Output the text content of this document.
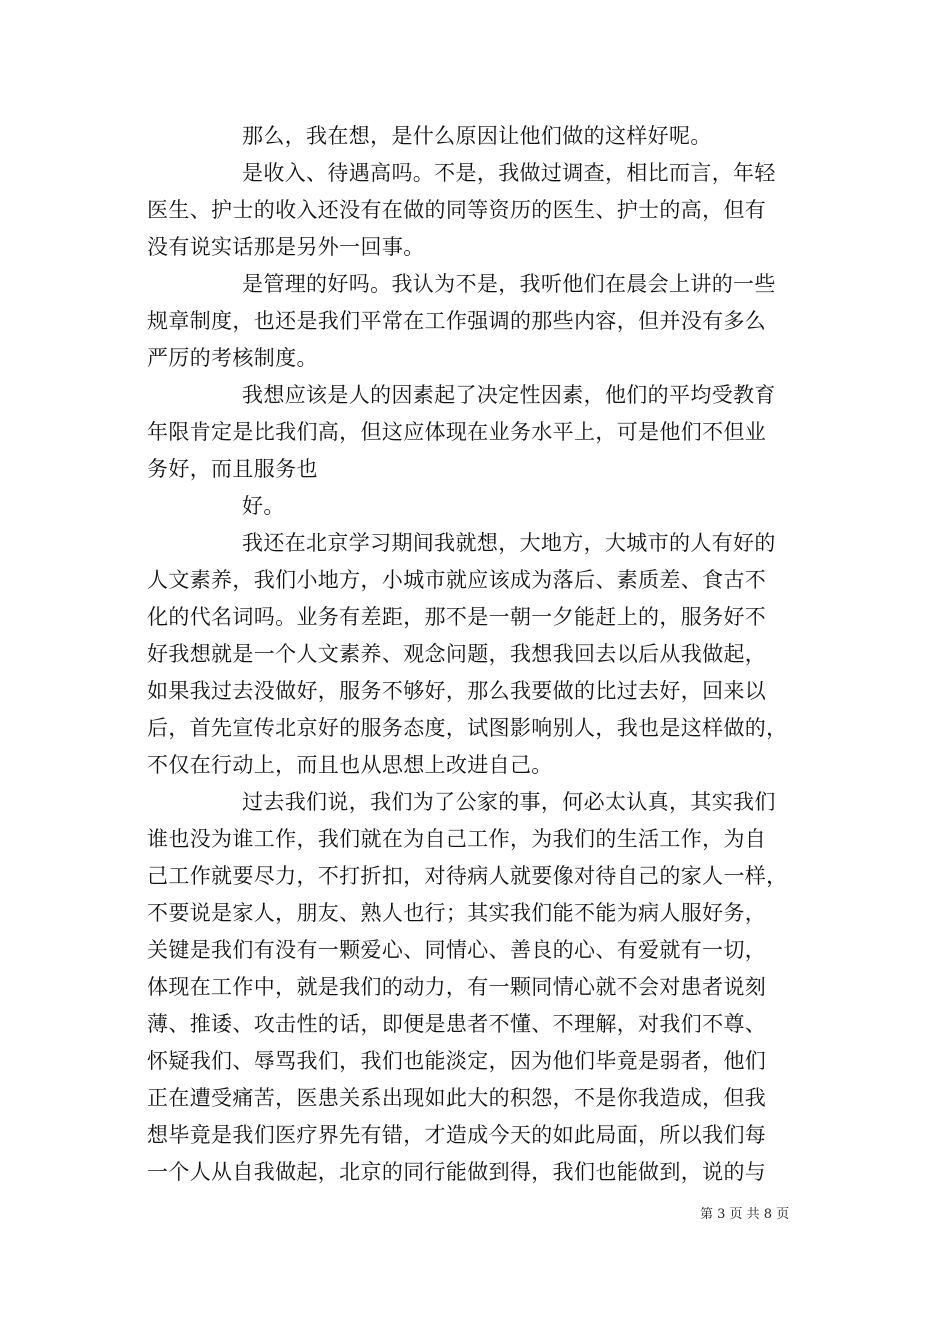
那么，我在想，是什么原因让他们做的这样好呢。
是收入、待遇高吗。不是，我做过调查，相比而言，年轻
医生、护士的收入还没有在做的同等资历的医生、护士的高，但有
没有说实话那是另外一回事。
是管理的好吗。我认为不是，我听他们在晨会上讲的一些
规章制度，也还是我们平常在工作强调的那些内容，但并没有多么
严厉的考核制度。
我想应该是人的因素起了决定性因素，他们的平均受教育
年限肯定是比我们高，但这应体现在业务水平上，可是他们不但业
务好，而且服务也
好。
我还在北京学习期间我就想，大地方，大城市的人有好的
人文素养，我们小地方，小城市就应该成为落后、素质差、食古不
化的代名词吗。业务有差距，那不是一朝一夕能赶上的，服务好不
好我想就是一个人文素养、观念问题，我想我回去以后从我做起，
如果我过去没做好，服务不够好，那么我要做的比过去好，回来以
后，首先宣传北京好的服务态度，试图影响别人，我也是这样做的，
不仅在行动上，而且也从思想上改进自己。
过去我们说，我们为了公家的事，何必太认真，其实我们
谁也没为谁工作，我们就在为自己工作，为我们的生活工作，为自
己工作就要尽力，不打折扣，对待病人就要像对待自己的家人一样，
不要说是家人，朋友、熟人也行；其实我们能不能为病人服好务，
关键是我们有没有一颗爱心、同情心、善良的心、有爱就有一切，
体现在工作中，就是我们的动力，有一颗同情心就不会对患者说刻
薄、推诿、攻击性的话，即便是患者不懂、不理解，对我们不尊、
怀疑我们、辱骂我们，我们也能淡定，因为他们毕竟是弱者，他们
正在遭受痛苦，医患关系出现如此大的积怨，不是你我造成，但我
想毕竟是我们医疗界先有错，才造成今天的如此局面，所以我们每
一个人从自我做起，北京的同行能做到得，我们也能做到，说的与
第 3 页 共 8 页
